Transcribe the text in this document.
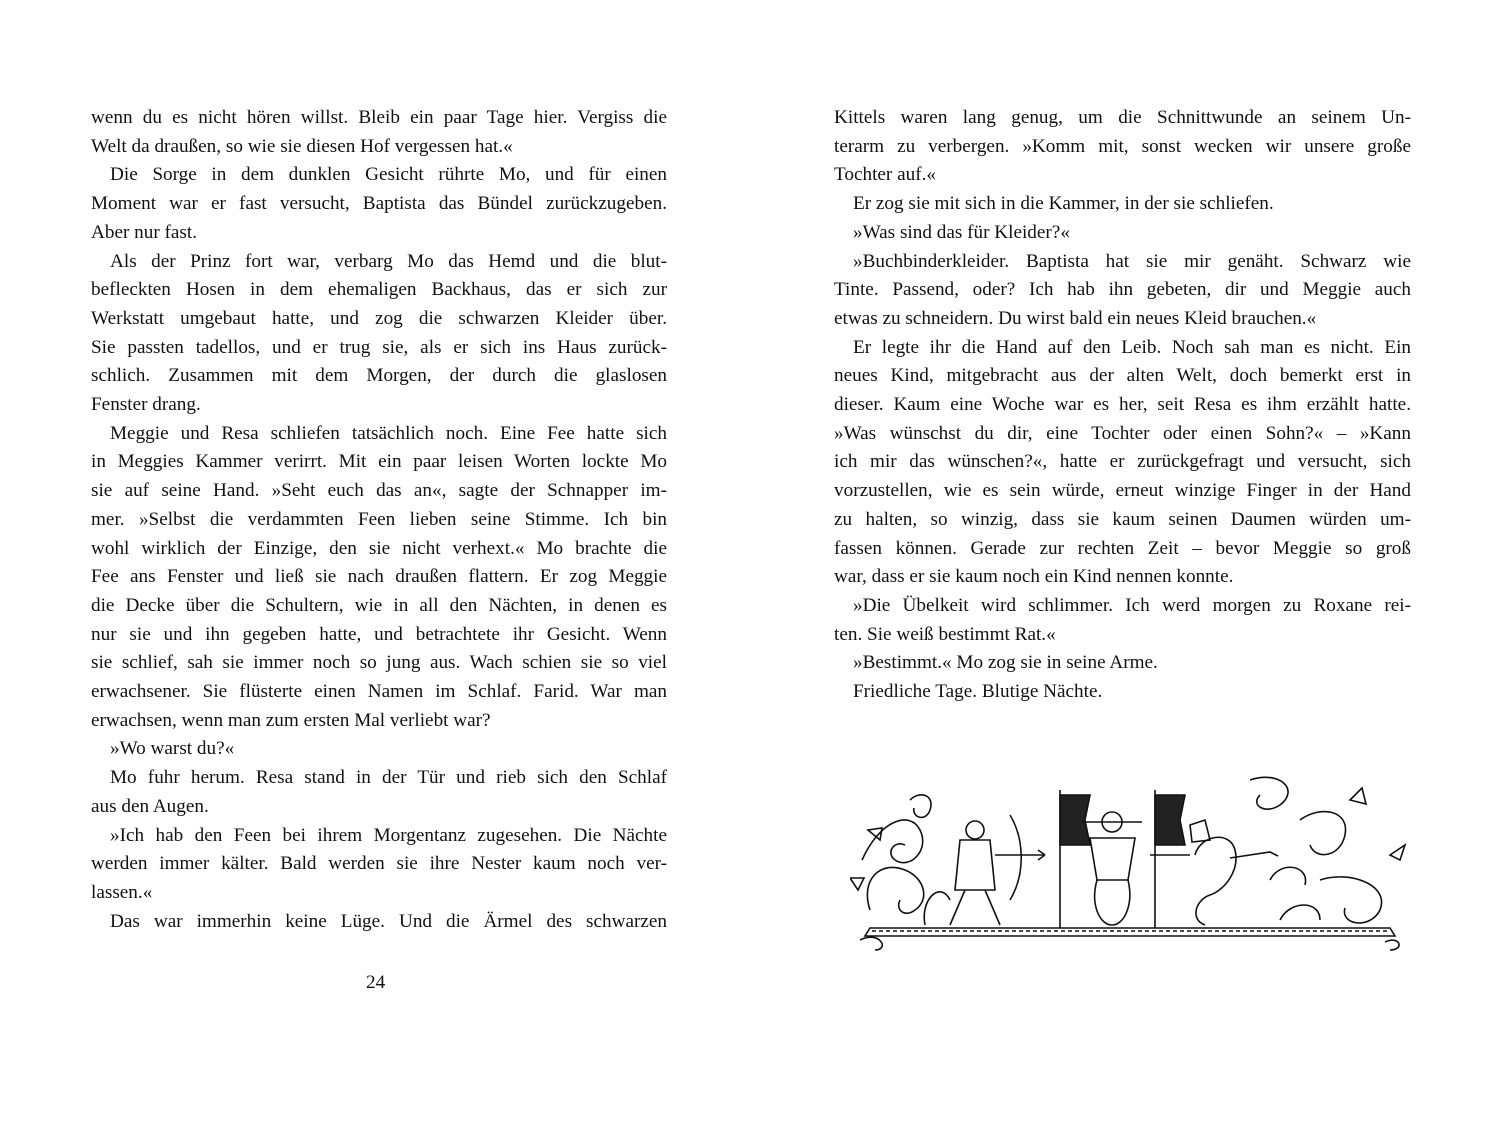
wenn du es nicht hören willst. Bleib ein paar Tage hier. Vergiss die
Welt da draußen, so wie sie diesen Hof vergessen hat.«
Die Sorge in dem dunklen Gesicht rührte Mo, und für einen
Moment war er fast versucht, Baptista das Bündel zurückzugeben.
Aber nur fast.
Als der Prinz fort war, verbarg Mo das Hemd und die blut-
befleckten Hosen in dem ehemaligen Backhaus, das er sich zur
Werkstatt umgebaut hatte, und zog die schwarzen Kleider über.
Sie passten tadellos, und er trug sie, als er sich ins Haus zurück-
schlich. Zusammen mit dem Morgen, der durch die glaslosen
Fenster drang.
Meggie und Resa schliefen tatsächlich noch. Eine Fee hatte sich
in Meggies Kammer verirrt. Mit ein paar leisen Worten lockte Mo
sie auf seine Hand. »Seht euch das an«, sagte der Schnapper im-
mer. »Selbst die verdammten Feen lieben seine Stimme. Ich bin
wohl wirklich der Einzige, den sie nicht verhext.« Mo brachte die
Fee ans Fenster und ließ sie nach draußen flattern. Er zog Meggie
die Decke über die Schultern, wie in all den Nächten, in denen es
nur sie und ihn gegeben hatte, und betrachtete ihr Gesicht. Wenn
sie schlief, sah sie immer noch so jung aus. Wach schien sie so viel
erwachsener. Sie flüsterte einen Namen im Schlaf. Farid. War man
erwachsen, wenn man zum ersten Mal verliebt war?
»Wo warst du?«
Mo fuhr herum. Resa stand in der Tür und rieb sich den Schlaf
aus den Augen.
»Ich hab den Feen bei ihrem Morgentanz zugesehen. Die Nächte
werden immer kälter. Bald werden sie ihre Nester kaum noch ver-
lassen.«
Das war immerhin keine Lüge. Und die Ärmel des schwarzen

24

Kittels waren lang genug, um die Schnittwunde an seinem Un-
terarm zu verbergen. »Komm mit, sonst wecken wir unsere große
Tochter auf.«
Er zog sie mit sich in die Kammer, in der sie schliefen.
»Was sind das für Kleider?«
»Buchbinderkleider. Baptista hat sie mir genäht. Schwarz wie
Tinte. Passend, oder? Ich hab ihn gebeten, dir und Meggie auch
etwas zu schneidern. Du wirst bald ein neues Kleid brauchen.«
Er legte ihr die Hand auf den Leib. Noch sah man es nicht. Ein
neues Kind, mitgebracht aus der alten Welt, doch bemerkt erst in
dieser. Kaum eine Woche war es her, seit Resa es ihm erzählt hatte.
»Was wünschst du dir, eine Tochter oder einen Sohn?« – »Kann
ich mir das wünschen?«, hatte er zurückgefragt und versucht, sich
vorzustellen, wie es sein würde, erneut winzige Finger in der Hand
zu halten, so winzig, dass sie kaum seinen Daumen würden um-
fassen können. Gerade zur rechten Zeit – bevor Meggie so groß
war, dass er sie kaum noch ein Kind nennen konnte.
»Die Übelkeit wird schlimmer. Ich werd morgen zu Roxane rei-
ten. Sie weiß bestimmt Rat.«
»Bestimmt.« Mo zog sie in seine Arme.
Friedliche Tage. Blutige Nächte.
